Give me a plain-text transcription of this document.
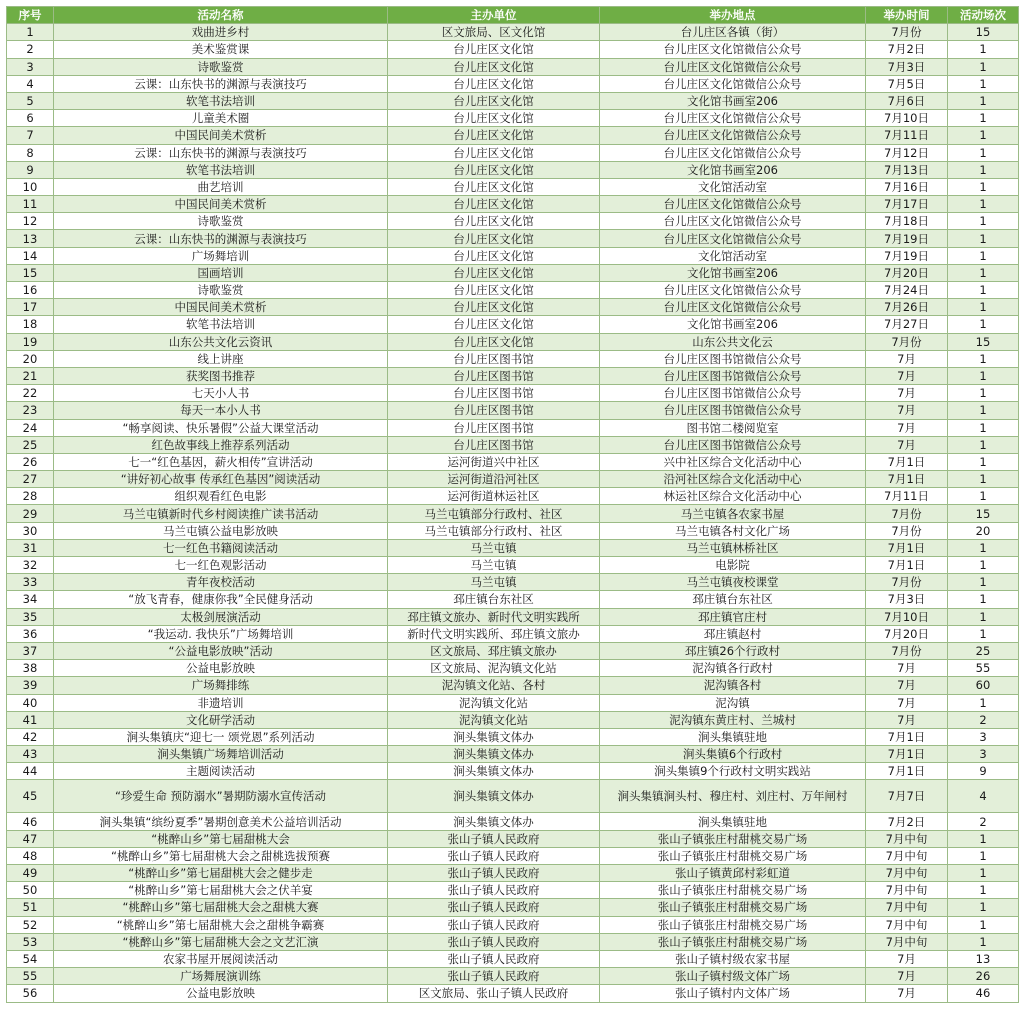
序号	活动名称	主办单位	举办地点	举办时间	活动场次
1	戏曲进乡村	区文旅局、区文化馆	台儿庄区各镇（街）	7月份	15
2	美术鉴赏课	台儿庄区文化馆	台儿庄区文化馆微信公众号	7月2日	1
3	诗歌鉴赏	台儿庄区文化馆	台儿庄区文化馆微信公众号	7月3日	1
4	云课：山东快书的渊源与表演技巧	台儿庄区文化馆	台儿庄区文化馆微信公众号	7月5日	1
5	软笔书法培训	台儿庄区文化馆	文化馆书画室206	7月6日	1
6	儿童美术圈	台儿庄区文化馆	台儿庄区文化馆微信公众号	7月10日	1
7	中国民间美术赏析	台儿庄区文化馆	台儿庄区文化馆微信公众号	7月11日	1
8	云课：山东快书的渊源与表演技巧	台儿庄区文化馆	台儿庄区文化馆微信公众号	7月12日	1
9	软笔书法培训	台儿庄区文化馆	文化馆书画室206	7月13日	1
10	曲艺培训	台儿庄区文化馆	文化馆活动室	7月16日	1
11	中国民间美术赏析	台儿庄区文化馆	台儿庄区文化馆微信公众号	7月17日	1
12	诗歌鉴赏	台儿庄区文化馆	台儿庄区文化馆微信公众号	7月18日	1
13	云课：山东快书的渊源与表演技巧	台儿庄区文化馆	台儿庄区文化馆微信公众号	7月19日	1
14	广场舞培训	台儿庄区文化馆	文化馆活动室	7月19日	1
15	国画培训	台儿庄区文化馆	文化馆书画室206	7月20日	1
16	诗歌鉴赏	台儿庄区文化馆	台儿庄区文化馆微信公众号	7月24日	1
17	中国民间美术赏析	台儿庄区文化馆	台儿庄区文化馆微信公众号	7月26日	1
18	软笔书法培训	台儿庄区文化馆	文化馆书画室206	7月27日	1
19	山东公共文化云资讯	台儿庄区文化馆	山东公共文化云	7月份	15
20	线上讲座	台儿庄区图书馆	台儿庄区图书馆微信公众号	7月	1
21	获奖图书推荐	台儿庄区图书馆	台儿庄区图书馆微信公众号	7月	1
22	七天小人书	台儿庄区图书馆	台儿庄区图书馆微信公众号	7月	1
23	每天一本小人书	台儿庄区图书馆	台儿庄区图书馆微信公众号	7月	1
24	“畅享阅读、快乐暑假”公益大课堂活动	台儿庄区图书馆	图书馆二楼阅览室	7月	1
25	红色故事线上推荐系列活动	台儿庄区图书馆	台儿庄区图书馆微信公众号	7月	1
26	七一“红色基因，薪火相传”宣讲活动	运河街道兴中社区	兴中社区综合文化活动中心	7月1日	1
27	“讲好初心故事 传承红色基因”阅读活动	运河街道沿河社区	沿河社区综合文化活动中心	7月1日	1
28	组织观看红色电影	运河街道林运社区	林运社区综合文化活动中心	7月11日	1
29	马兰屯镇新时代乡村阅读推广读书活动	马兰屯镇部分行政村、社区	马兰屯镇各农家书屋	7月份	15
30	马兰屯镇公益电影放映	马兰屯镇部分行政村、社区	马兰屯镇各村文化广场	7月份	20
31	七一红色书籍阅读活动	马兰屯镇	马兰屯镇林桥社区	7月1日	1
32	七一红色观影活动	马兰屯镇	电影院	7月1日	1
33	青年夜校活动	马兰屯镇	马兰屯镇夜校课堂	7月份	1
34	“放飞青春，健康你我”全民健身活动	邳庄镇台东社区	邳庄镇台东社区	7月3日	1
35	太极剑展演活动	邳庄镇文旅办、新时代文明实践所	邳庄镇官庄村	7月10日	1
36	“我运动. 我快乐”广场舞培训	新时代文明实践所、邳庄镇文旅办	邳庄镇赵村	7月20日	1
37	“公益电影放映”活动	区文旅局、邳庄镇文旅办	邳庄镇26个行政村	7月份	25
38	公益电影放映	区文旅局、泥沟镇文化站	泥沟镇各行政村	7月	55
39	广场舞排练	泥沟镇文化站、各村	泥沟镇各村	7月	60
40	非遗培训	泥沟镇文化站	泥沟镇	7月	1
41	文化研学活动	泥沟镇文化站	泥沟镇东黄庄村、兰城村	7月	2
42	涧头集镇庆“迎七一 颂党恩”系列活动	涧头集镇文体办	涧头集镇驻地	7月1日	3
43	涧头集镇广场舞培训活动	涧头集镇文体办	涧头集镇6个行政村	7月1日	3
44	主题阅读活动	涧头集镇文体办	涧头集镇9个行政村文明实践站	7月1日	9
45	“珍爱生命 预防溺水”暑期防溺水宣传活动	涧头集镇文体办	涧头集镇涧头村、穆庄村、刘庄村、万年闸村	7月7日	4
46	涧头集镇“缤纷夏季”暑期创意美术公益培训活动	涧头集镇文体办	涧头集镇驻地	7月2日	2
47	“桃醉山乡”第七届甜桃大会	张山子镇人民政府	张山子镇张庄村甜桃交易广场	7月中旬	1
48	“桃醉山乡”第七届甜桃大会之甜桃选拔预赛	张山子镇人民政府	张山子镇张庄村甜桃交易广场	7月中旬	1
49	“桃醉山乡”第七届甜桃大会之健步走	张山子镇人民政府	张山子镇黄邱村彩虹道	7月中旬	1
50	“桃醉山乡”第七届甜桃大会之伏羊宴	张山子镇人民政府	张山子镇张庄村甜桃交易广场	7月中旬	1
51	“桃醉山乡”第七届甜桃大会之甜桃大赛	张山子镇人民政府	张山子镇张庄村甜桃交易广场	7月中旬	1
52	“桃醉山乡”第七届甜桃大会之甜桃争霸赛	张山子镇人民政府	张山子镇张庄村甜桃交易广场	7月中旬	1
53	“桃醉山乡”第七届甜桃大会之文艺汇演	张山子镇人民政府	张山子镇张庄村甜桃交易广场	7月中旬	1
54	农家书屋开展阅读活动	张山子镇人民政府	张山子镇村级农家书屋	7月	13
55	广场舞展演训练	张山子镇人民政府	张山子镇村级文体广场	7月	26
56	公益电影放映	区文旅局、张山子镇人民政府	张山子镇村内文体广场	7月	46
